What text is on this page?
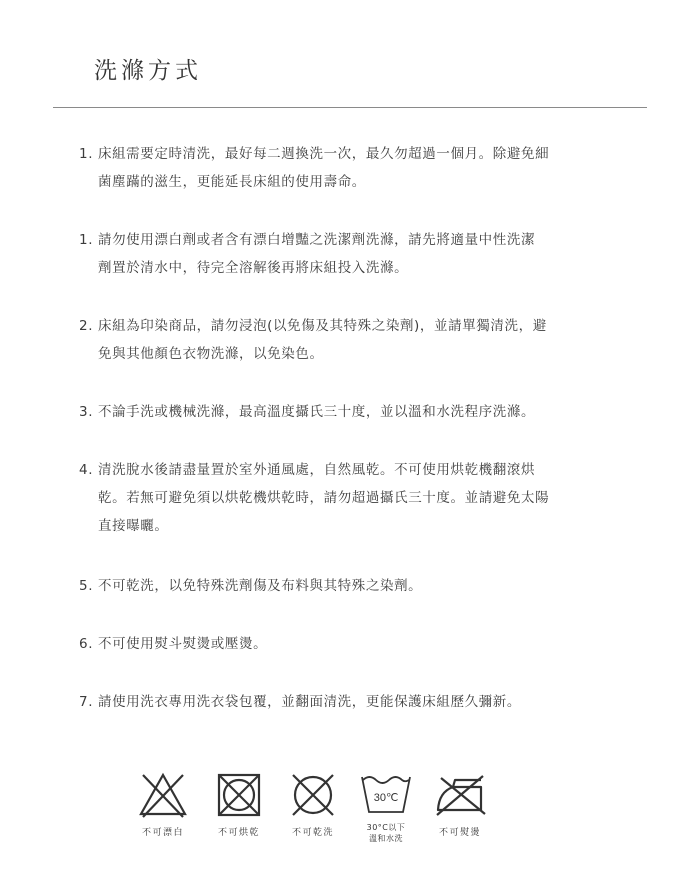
洗滌方式
1. 床組需要定時清洗，最好每二週換洗一次，最久勿超過一個月。除避免細
菌塵蹣的滋生，更能延長床組的使用壽命。
1. 請勿使用漂白劑或者含有漂白增豔之洗潔劑洗滌，請先將適量中性洗潔
劑置於清水中，待完全溶解後再將床組投入洗滌。
2. 床組為印染商品，請勿浸泡(以免傷及其特殊之染劑)，並請單獨清洗，避
免與其他顏色衣物洗滌，以免染色。
3. 不論手洗或機械洗滌，最高溫度攝氏三十度，並以溫和水洗程序洗滌。
4. 清洗脫水後請盡量置於室外通風處，自然風乾。不可使用烘乾機翻滾烘
乾。若無可避免須以烘乾機烘乾時，請勿超過攝氏三十度。並請避免太陽
直接曝曬。
5. 不可乾洗，以免特殊洗劑傷及布料與其特殊之染劑。
6. 不可使用熨斗熨燙或壓燙。
7. 請使用洗衣專用洗衣袋包覆，並翻面清洗，更能保護床組歷久彌新。
不可漂白	不可烘乾	不可乾洗
30℃
30°C以下
溫和水洗
不可熨燙
